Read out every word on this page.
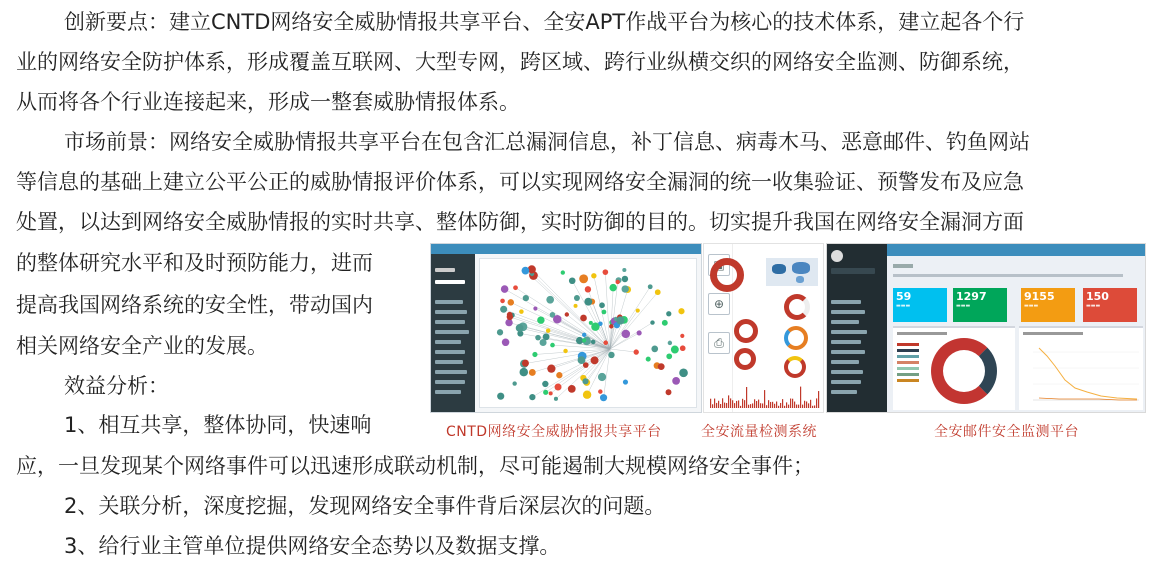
创新要点：建立CNTD网络安全威胁情报共享平台、全安APT作战平台为核心的技术体系，建立起各个行
业的网络安全防护体系，形成覆盖互联网、大型专网，跨区域、跨行业纵横交织的网络安全监测、防御系统，
从而将各个行业连接起来，形成一整套威胁情报体系。
市场前景：网络安全威胁情报共享平台在包含汇总漏洞信息，补丁信息、病毒木马、恶意邮件、钓鱼网站
等信息的基础上建立公平公正的威胁情报评价体系，可以实现网络安全漏洞的统一收集验证、预警发布及应急
处置，以达到网络安全威胁情报的实时共享、整体防御，实时防御的目的。切实提升我国在网络安全漏洞方面
的整体研究水平和及时预防能力，进而
提高我国网络系统的安全性，带动国内
相关网络安全产业的发展。
效益分析：
1、相互共享，整体协同，快速响
应，一旦发现某个网络事件可以迅速形成联动机制，尽可能遏制大规模网络安全事件；
2、关联分析，深度挖掘，发现网络安全事件背后深层次的问题。
3、给行业主管单位提供网络安全态势以及数据支撑。
▣
⊕
⎙
59
▬▬▬
1297
▬▬▬
9155
▬▬▬
150
▬▬▬
CNTD网络安全威胁情报共享平台	全安流量检测系统	全安邮件安全监测平台
